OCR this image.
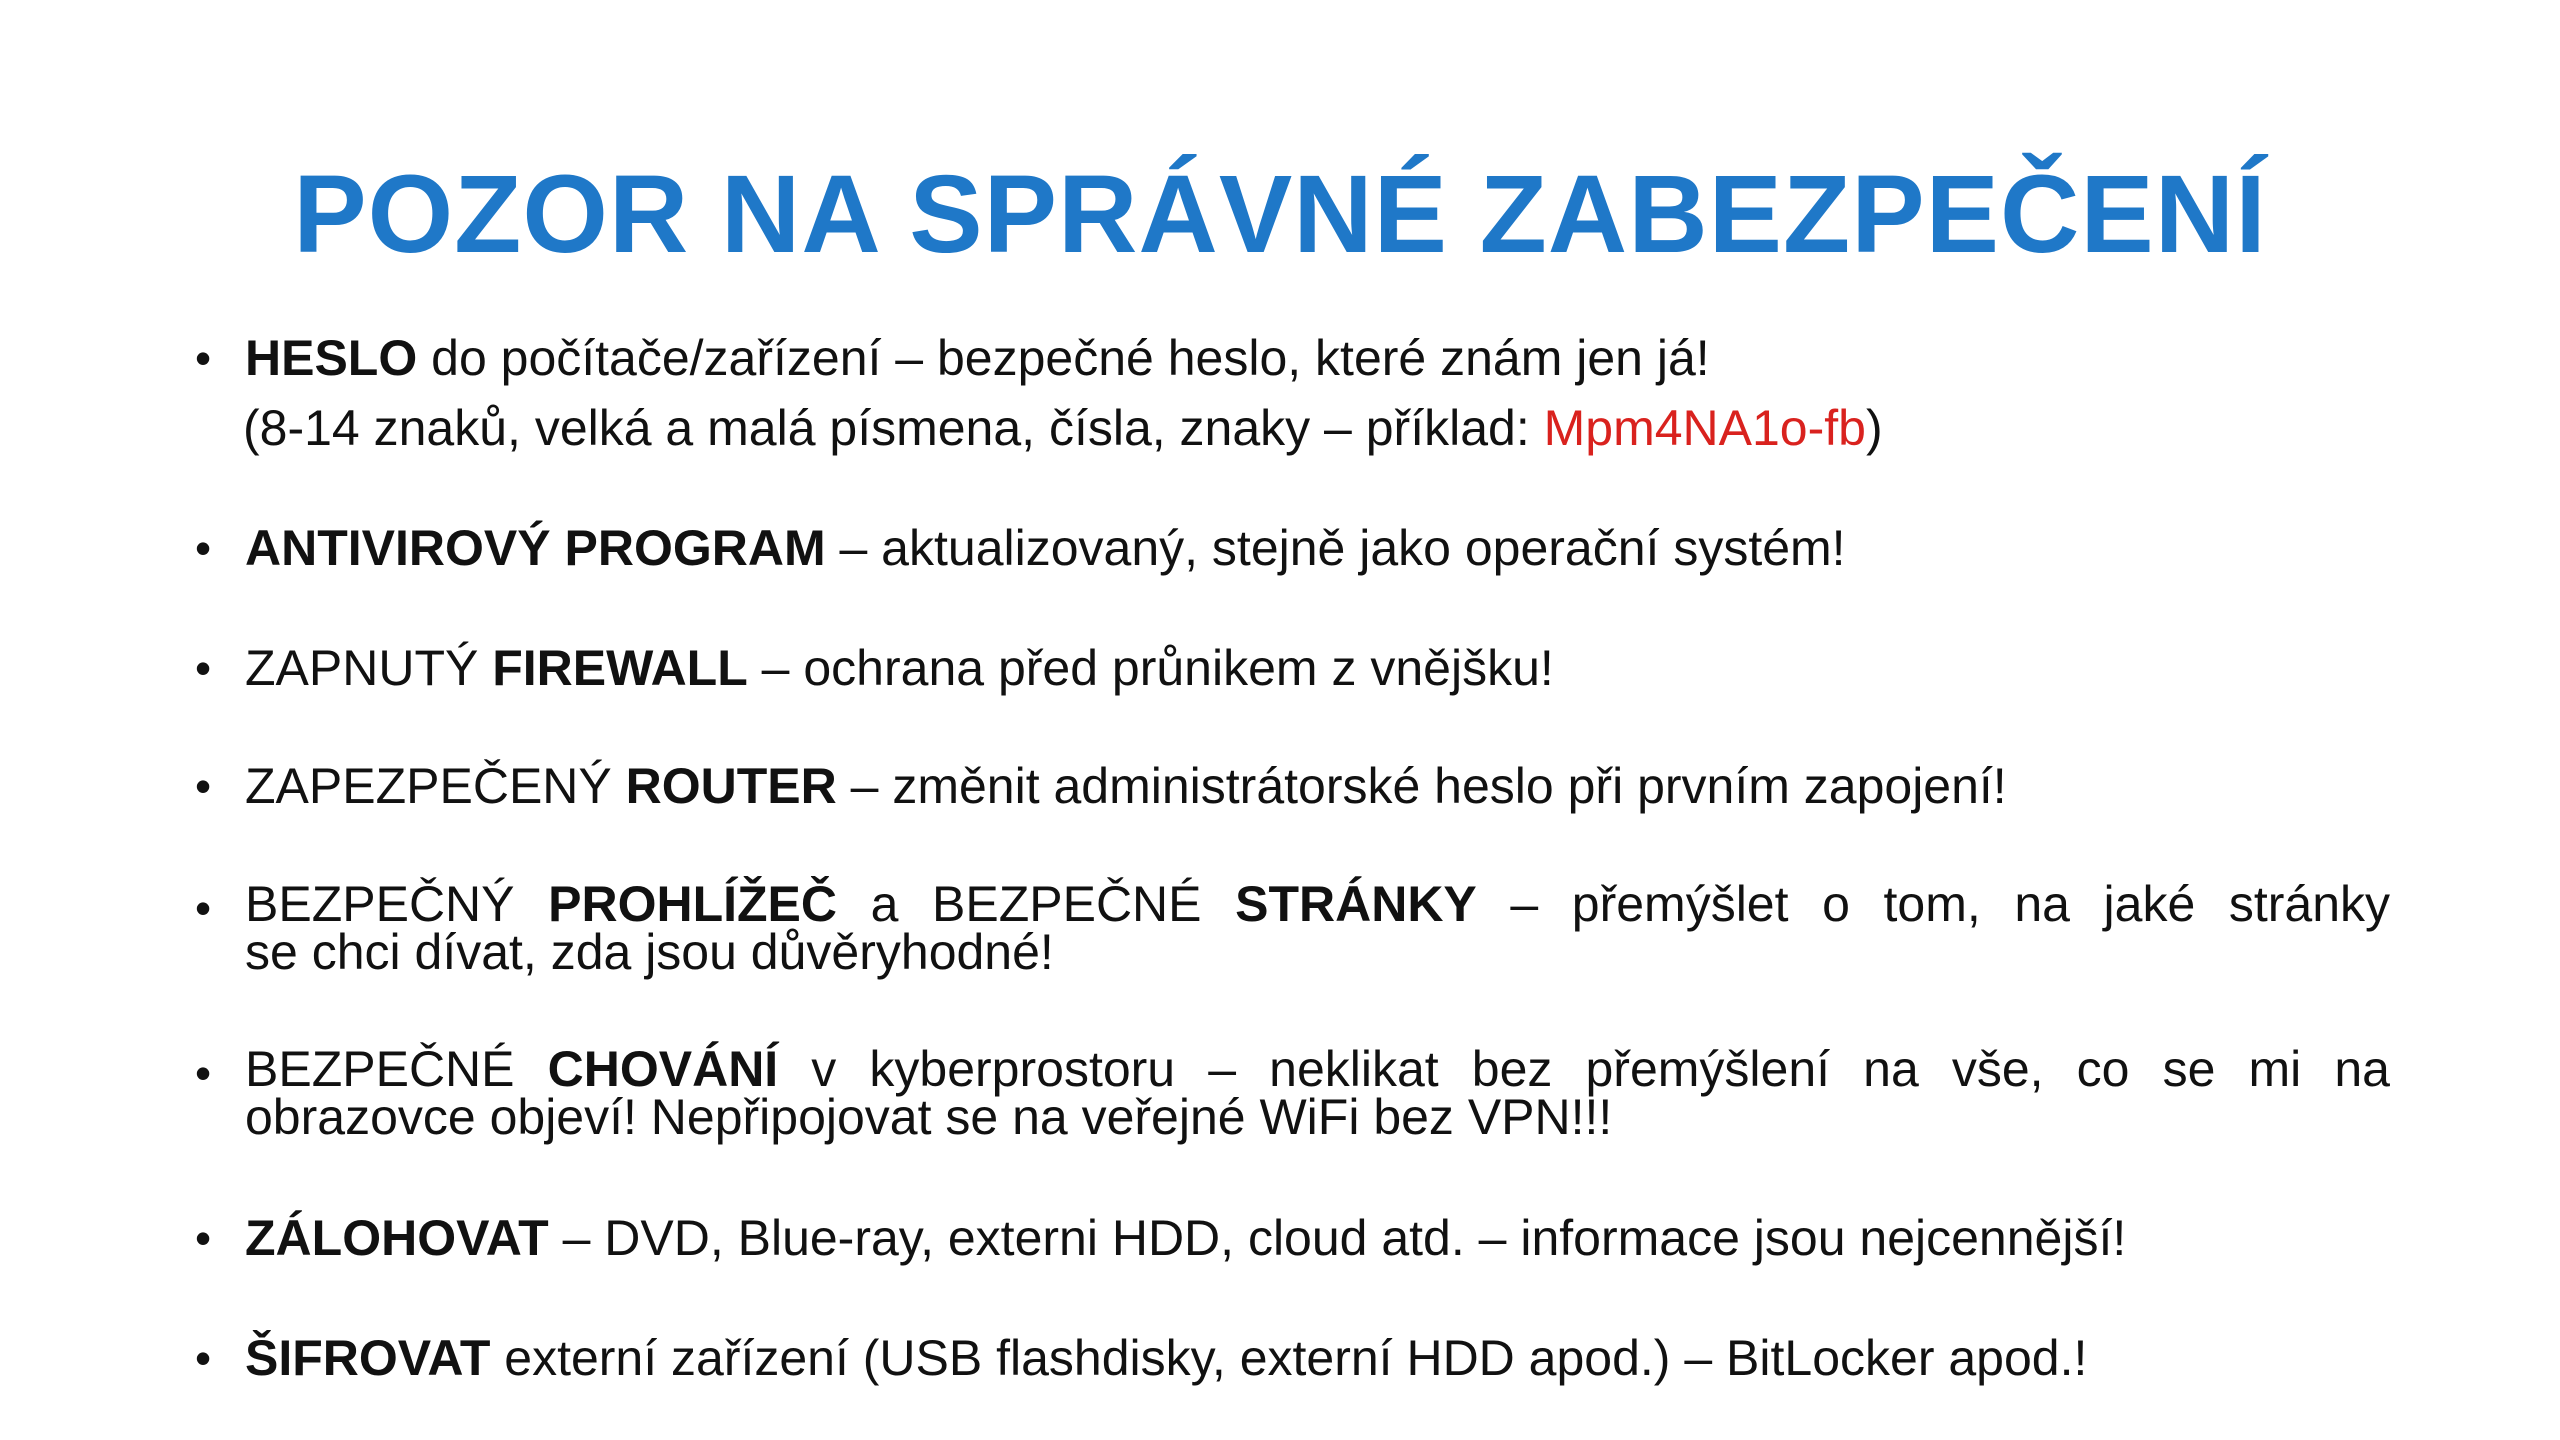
POZOR NA SPRÁVNÉ ZABEZPEČENÍ
• HESLO do počítače/zařízení – bezpečné heslo, které znám jen já!
(8-14 znaků, velká a malá písmena, čísla, znaky – příklad: Mpm4NA1o-fb)
• ANTIVIROVÝ PROGRAM – aktualizovaný, stejně jako operační systém!
• ZAPNUTÝ FIREWALL – ochrana před průnikem z vnějšku!
• ZAPEZPEČENÝ ROUTER – změnit administrátorské heslo při prvním zapojení!
• BEZPEČNÝ PROHLÍŽEČ a BEZPEČNÉ STRÁNKY – přemýšlet o tom, na jaké stránky
se chci dívat, zda jsou důvěryhodné!
• BEZPEČNÉ CHOVÁNÍ v kyberprostoru – neklikat bez přemýšlení na vše, co se mi na
obrazovce objeví! Nepřipojovat se na veřejné WiFi bez VPN!!!
• ZÁLOHOVAT – DVD, Blue-ray, externi HDD, cloud atd. – informace jsou nejcennější!
• ŠIFROVAT externí zařízení (USB flashdisky, externí HDD apod.) – BitLocker apod.!
